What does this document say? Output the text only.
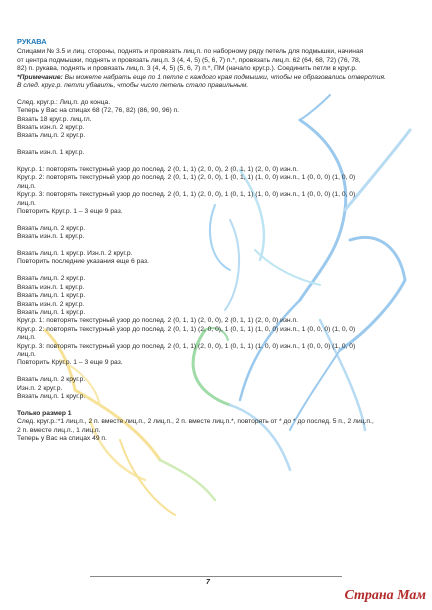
РУКАВА
Спицами № 3.5 и лиц. стороны, поднять и провязать лиц.п. по наборному ряду петель для подмышки, начиная
от центра подмышки, поднять и провязать лиц.п. 3 (4, 4, 5) (5, 6, 7) п.*, провязать лиц.п. 62 (64, 68, 72) (76, 78,
82) п. рукава, поднять и провязать лиц.п. 3 (4, 4, 5) (5, 6, 7) п.*, ПМ (начало круг.р.). Соединить петли в круг.р.
*Примечание: Вы можете набрать еще по 1 петле с каждого края подмышки, чтобы не образовались отверстия.
В след. круг.р. петли убавить, чтобы число петель стало правильным.
След. круг.р.: Лиц.п. до конца.
Теперь у Вас на спицах 68 (72, 76, 82) (86, 90, 96) п.
Вязать 18 круг.р. лиц.гл.
Вязать изн.п. 2 круг.р.
Вязать лиц.п. 2 круг.р.
Вязать изн.п. 1 круг.р.
Круг.р. 1: повторять текстурный узор до послед. 2 (0, 1, 1) (2, 0, 0), 2 (0, 1, 1) (2, 0, 0) изн.п.
Круг.р. 2: повторять текстурный узор до послед. 2 (0, 1, 1) (2, 0, 0), 1 (0, 1, 1) (1, 0, 0) изн.п., 1 (0, 0, 0) (1, 0, 0)
лиц.п.
Круг.р. 3: повторять текстурный узор до послед. 2 (0, 1, 1) (2, 0, 0), 1 (0, 1, 1) (1, 0, 0) изн.п., 1 (0, 0, 0) (1, 0, 0)
лиц.п.
Повторить Круг.р. 1 – 3 еще 9 раз.
Вязать лиц.п. 2 круг.р.
Вязать изн.п. 1 круг.р.
Вязать лиц.п. 1 круг.р. Изн.п. 2 круг.р.
Повторить последние указания еще 6 раз.
Вязать лиц.п. 2 круг.р.
Вязать изн.п. 1 круг.р.
Вязать лиц.п. 1 круг.р.
Вязать изн.п. 2 круг.р.
Вязать лиц.п. 1 круг.р.
Круг.р. 1: повторять текстурный узор до послед. 2 (0, 1, 1) (2, 0, 0), 2 (0, 1, 1) (2, 0, 0) изн.п.
Круг.р. 2: повторять текстурный узор до послед. 2 (0, 1, 1) (2, 0, 0), 1 (0, 1, 1) (1, 0, 0) изн.п., 1 (0, 0, 0) (1, 0, 0)
лиц.п.
Круг.р. 3: повторять текстурный узор до послед. 2 (0, 1, 1) (2, 0, 0), 1 (0, 1, 1) (1, 0, 0) изн.п., 1 (0, 0, 0) (1, 0, 0)
лиц.п.
Повторить Круг.р. 1 – 3 еще 9 раз.
Вязать лиц.п. 2 круг.р.
Изн.п. 2 круг.р.
Вязать лиц.п. 1 круг.р.
Только размер 1
След. круг.р.:*1 лиц.п., 2 п. вместе лиц.п., 2 лиц.п., 2 п. вместе лиц.п.*, повторять от * до * до послед. 5 п., 2 лиц.п.,
2 п. вместе лиц.п., 1 лиц.п.
Теперь у Вас на спицах 49 п.
7
Страна Мам
